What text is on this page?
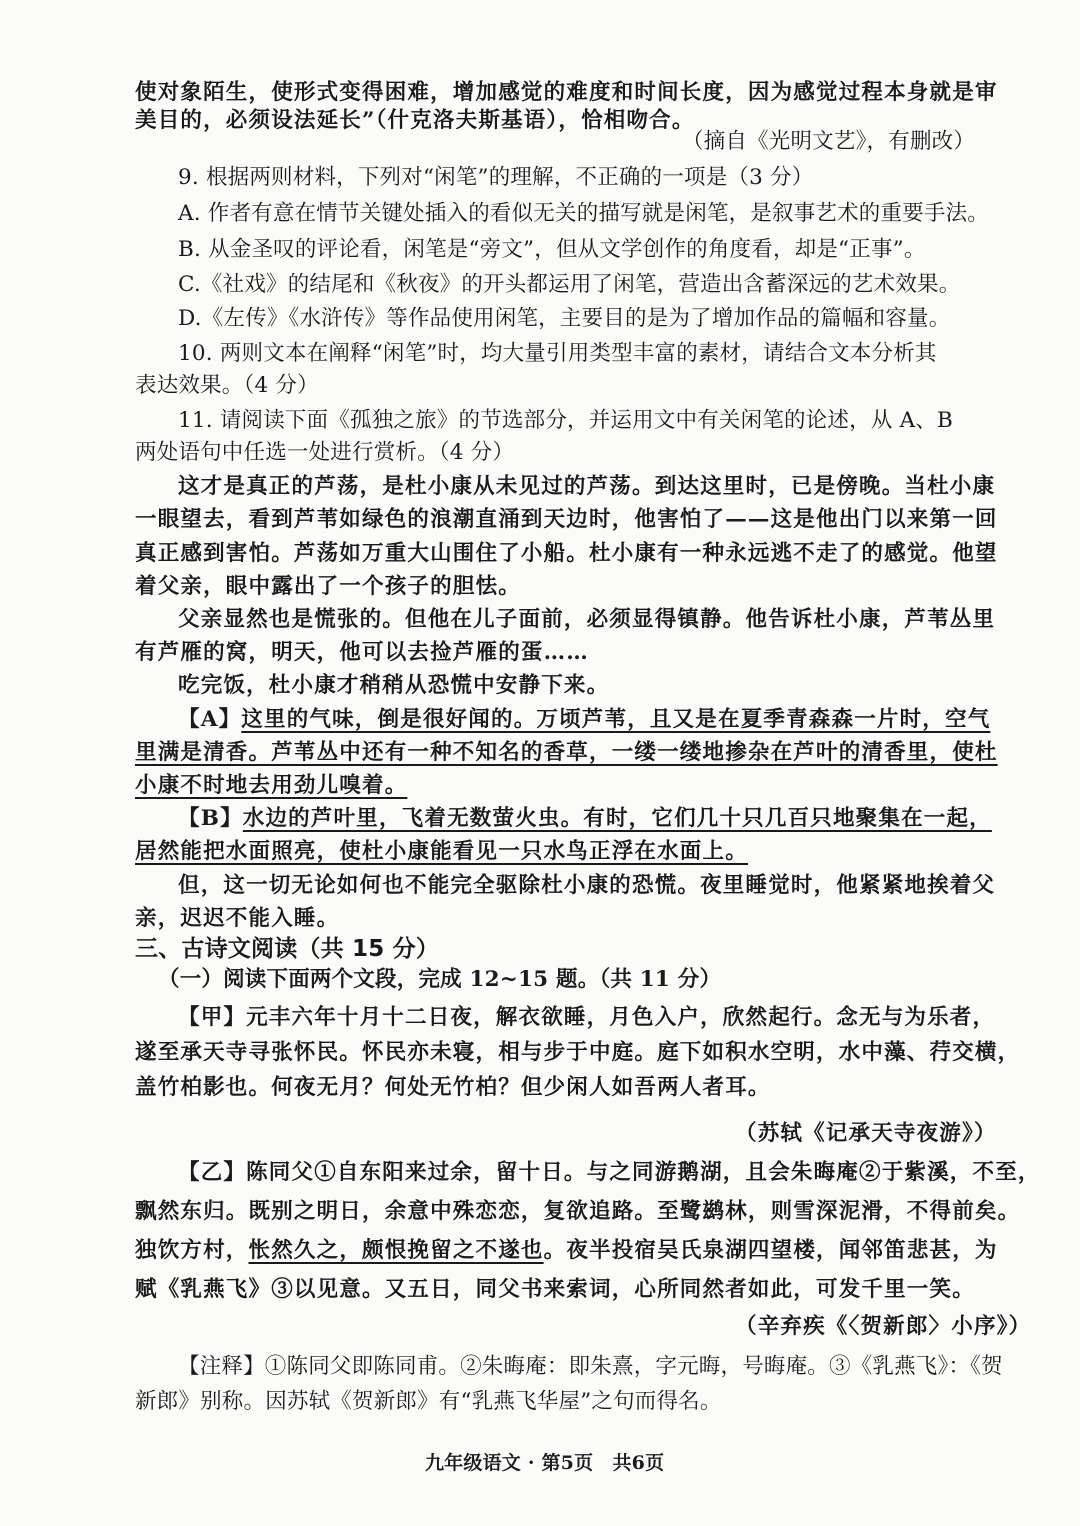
使对象陌生，使形式变得困难，增加感觉的难度和时间长度，因为感觉过程本身就是审
美目的，必须设法延长”（什克洛夫斯基语），恰相吻合。
（摘自《光明文艺》，有删改）
9. 根据两则材料，下列对“闲笔”的理解，不正确的一项是（3 分）
A. 作者有意在情节关键处插入的看似无关的描写就是闲笔，是叙事艺术的重要手法。
B. 从金圣叹的评论看，闲笔是“旁文”，但从文学创作的角度看，却是“正事”。
C.《社戏》的结尾和《秋夜》的开头都运用了闲笔，营造出含蓄深远的艺术效果。
D.《左传》《水浒传》等作品使用闲笔，主要目的是为了增加作品的篇幅和容量。
10. 两则文本在阐释“闲笔”时，均大量引用类型丰富的素材，请结合文本分析其
表达效果。（4 分）
11. 请阅读下面《孤独之旅》的节选部分，并运用文中有关闲笔的论述，从 A、B
两处语句中任选一处进行赏析。（4 分）
这才是真正的芦荡，是杜小康从未见过的芦荡。到达这里时，已是傍晚。当杜小康
一眼望去，看到芦苇如绿色的浪潮直涌到天边时，他害怕了——这是他出门以来第一回
真正感到害怕。芦荡如万重大山围住了小船。杜小康有一种永远逃不走了的感觉。他望
着父亲，眼中露出了一个孩子的胆怯。
父亲显然也是慌张的。但他在儿子面前，必须显得镇静。他告诉杜小康，芦苇丛里
有芦雁的窝，明天，他可以去捡芦雁的蛋……
吃完饭，杜小康才稍稍从恐慌中安静下来。
【A】这里的气味，倒是很好闻的。万顷芦苇，且又是在夏季青森森一片时，空气
里满是清香。芦苇丛中还有一种不知名的香草，一缕一缕地掺杂在芦叶的清香里，使杜
小康不时地去用劲儿嗅着。
【B】水边的芦叶里，飞着无数萤火虫。有时，它们几十只几百只地聚集在一起，
居然能把水面照亮，使杜小康能看见一只水鸟正浮在水面上。
但，这一切无论如何也不能完全驱除杜小康的恐慌。夜里睡觉时，他紧紧地挨着父
亲，迟迟不能入睡。
三、古诗文阅读（共 15 分）
（一）阅读下面两个文段，完成 12~15 题。（共 11 分）
【甲】元丰六年十月十二日夜，解衣欲睡，月色入户，欣然起行。念无与为乐者，
遂至承天寺寻张怀民。怀民亦未寝，相与步于中庭。庭下如积水空明，水中藻、荇交横，
盖竹柏影也。何夜无月？何处无竹柏？但少闲人如吾两人者耳。
（苏轼《记承天寺夜游》）
【乙】陈同父①自东阳来过余，留十日。与之同游鹅湖，且会朱晦庵②于紫溪，不至，
飘然东归。既别之明日，余意中殊恋恋，复欲追路。至鹭鹚林，则雪深泥滑，不得前矣。
独饮方村，怅然久之，颇恨挽留之不遂也。夜半投宿吴氏泉湖四望楼，闻邻笛悲甚，为
赋《乳燕飞》③以见意。又五日，同父书来索词，心所同然者如此，可发千里一笑。
（辛弃疾《〈贺新郎〉小序》）
【注释】①陈同父即陈同甫。②朱晦庵：即朱熹，字元晦，号晦庵。③《乳燕飞》：《贺
新郎》别称。因苏轼《贺新郎》有“乳燕飞华屋”之句而得名。
九年级语文 · 第5页　共6页
